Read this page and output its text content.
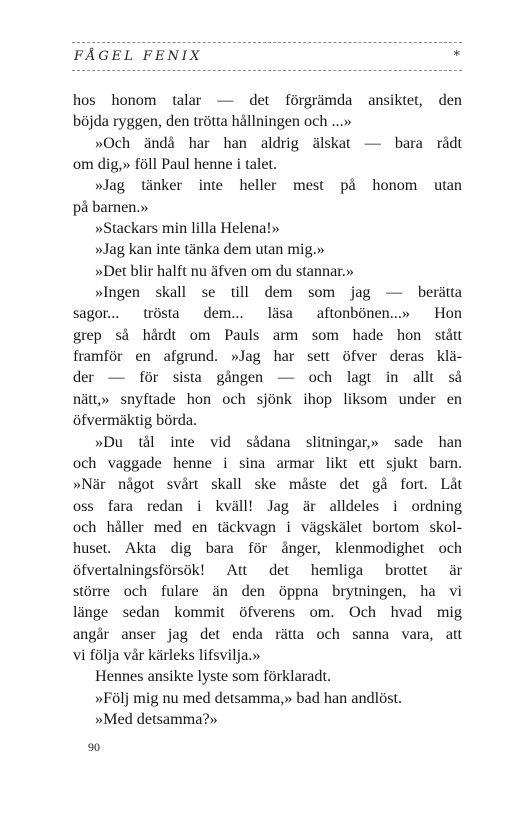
FÅGEL FENIX	*
hos honom talar — det förgrämda ansiktet, den
böjda ryggen, den trötta hållningen och ...»
»Och ändå har han aldrig älskat — bara rådt
om dig,» föll Paul henne i talet.
»Jag tänker inte heller mest på honom utan
på barnen.»
»Stackars min lilla Helena!»
»Jag kan inte tänka dem utan mig.»
»Det blir halft nu äfven om du stannar.»
»Ingen skall se till dem som jag — berätta
sagor... trösta dem... läsa aftonbönen...» Hon
grep så hårdt om Pauls arm som hade hon stått
framför en afgrund. »Jag har sett öfver deras klä-
der — för sista gången — och lagt in allt så
nätt,» snyftade hon och sjönk ihop liksom under en
öfvermäktig börda.
»Du tål inte vid sådana slitningar,» sade han
och vaggade henne i sina armar likt ett sjukt barn.
»När något svårt skall ske måste det gå fort. Låt
oss fara redan i kväll! Jag är alldeles i ordning
och håller med en täckvagn i vägskälet bortom skol-
huset. Akta dig bara för ånger, klenmodighet och
öfvertalningsförsök! Att det hemliga brottet är
större och fulare än den öppna brytningen, ha vi
länge sedan kommit öfverens om. Och hvad mig
angår anser jag det enda rätta och sanna vara, att
vi följa vår kärleks lifsvilja.»
Hennes ansikte lyste som förklaradt.
»Följ mig nu med detsamma,» bad han andlöst.
»Med detsamma?»
90
